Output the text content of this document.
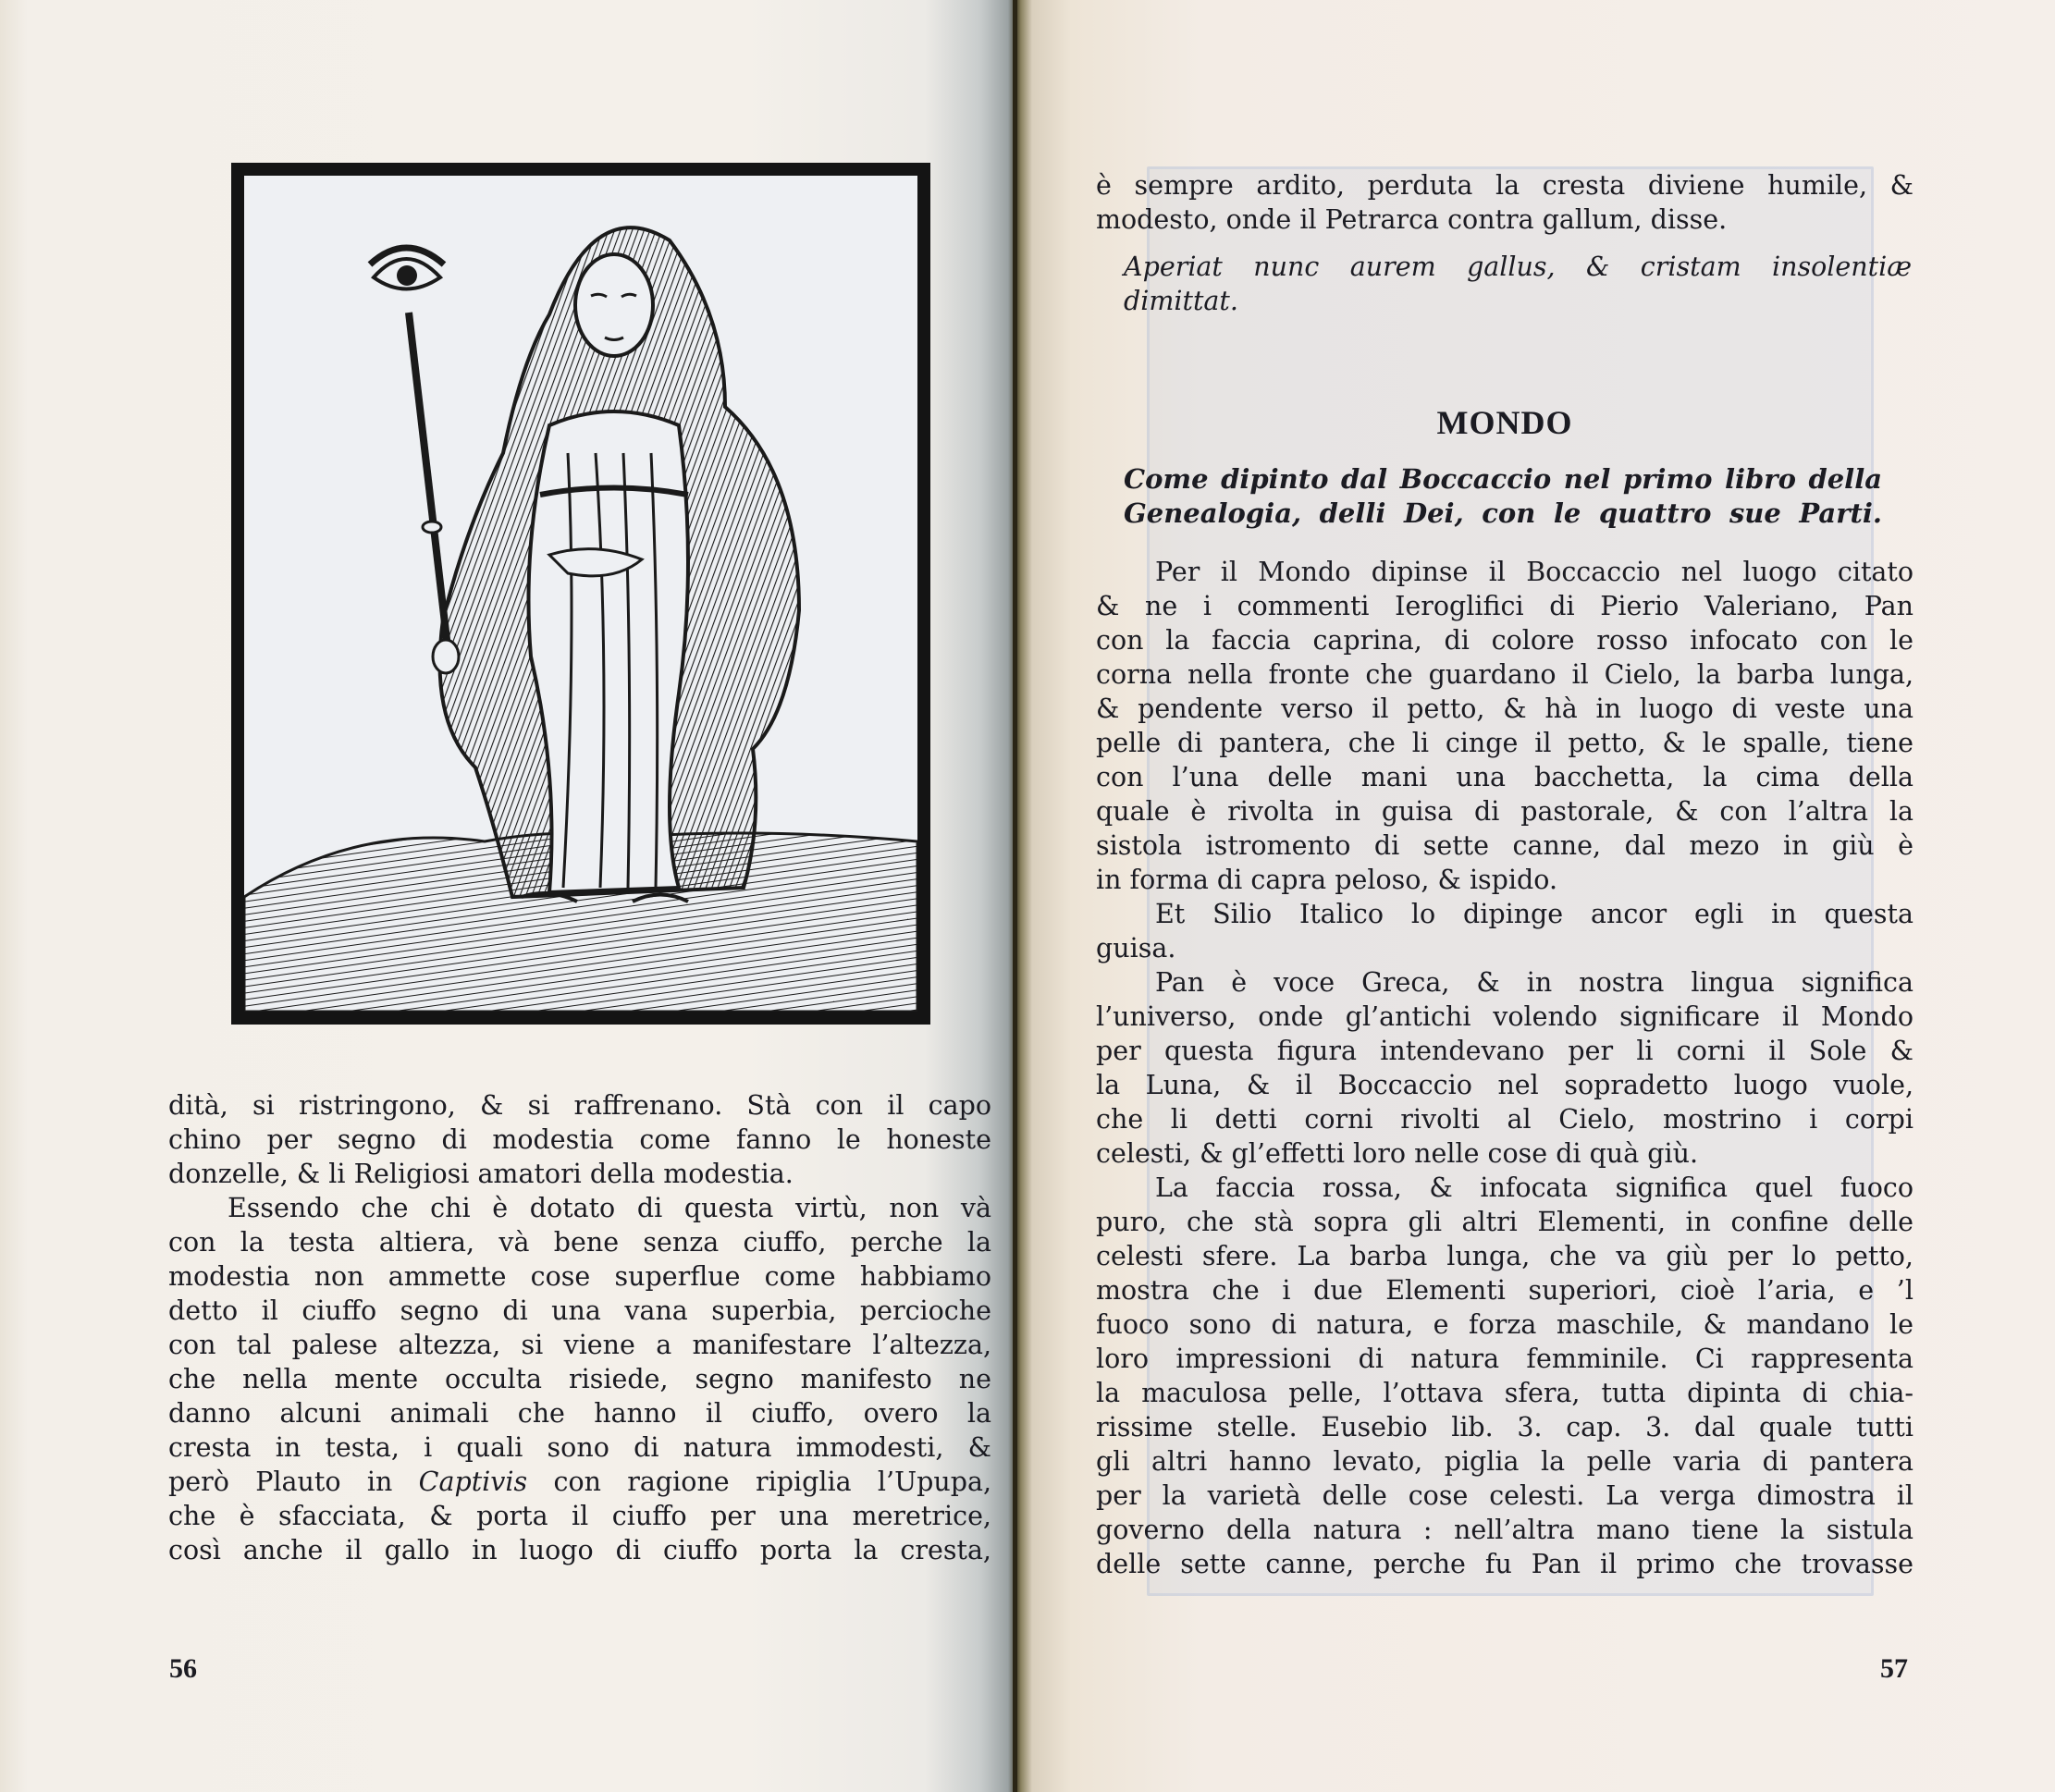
dità, si ristringono, & si raffrenano. Stà con il capo
chino per segno di modestia come fanno le honeste
donzelle, & li Religiosi amatori della modestia.
Essendo che chi è dotato di questa virtù, non và
con la testa altiera, và bene senza ciuffo, perche la
modestia non ammette cose superflue come habbiamo
detto il ciuffo segno di una vana superbia, percioche
con tal palese altezza, si viene a manifestare l’altezza,
che nella mente occulta risiede, segno manifesto ne
danno alcuni animali che hanno il ciuffo, overo la
cresta in testa, i quali sono di natura immodesti, &
però Plauto in Captivis con ragione ripiglia l’Upupa,
che è sfacciata, & porta il ciuffo per una meretrice,
così anche il gallo in luogo di ciuffo porta la cresta,
è sempre ardito, perduta la cresta diviene humile, &
modesto, onde il Petrarca contra gallum, disse.
Aperiat nunc aurem gallus, & cristam insolentiæ
dimittat.
MONDO
Come dipinto dal Boccaccio nel primo libro della
Genealogia, delli Dei, con le quattro sue Parti.
Per il Mondo dipinse il Boccaccio nel luogo citato
& ne i commenti Ieroglifici di Pierio Valeriano, Pan
con la faccia caprina, di colore rosso infocato con le
corna nella fronte che guardano il Cielo, la barba lunga,
& pendente verso il petto, & hà in luogo di veste una
pelle di pantera, che li cinge il petto, & le spalle, tiene
con l’una delle mani una bacchetta, la cima della
quale è rivolta in guisa di pastorale, & con l’altra la
sistola istromento di sette canne, dal mezo in giù è
in forma di capra peloso, & ispido.
Et Silio Italico lo dipinge ancor egli in questa
guisa.
Pan è voce Greca, & in nostra lingua significa
l’universo, onde gl’antichi volendo significare il Mondo
per questa figura intendevano per li corni il Sole &
la Luna, & il Boccaccio nel sopradetto luogo vuole,
che li detti corni rivolti al Cielo, mostrino i corpi
celesti, & gl’effetti loro nelle cose di quà giù.
La faccia rossa, & infocata significa quel fuoco
puro, che stà sopra gli altri Elementi, in confine delle
celesti sfere. La barba lunga, che va giù per lo petto,
mostra che i due Elementi superiori, cioè l’aria, e ’l
fuoco sono di natura, e forza maschile, & mandano le
loro impressioni di natura femminile. Ci rappresenta
la maculosa pelle, l’ottava sfera, tutta dipinta di chia-
rissime stelle. Eusebio lib. 3. cap. 3. dal quale tutti
gli altri hanno levato, piglia la pelle varia di pantera
per la varietà delle cose celesti. La verga dimostra il
governo della natura : nell’altra mano tiene la sistula
delle sette canne, perche fu Pan il primo che trovasse
56	57
